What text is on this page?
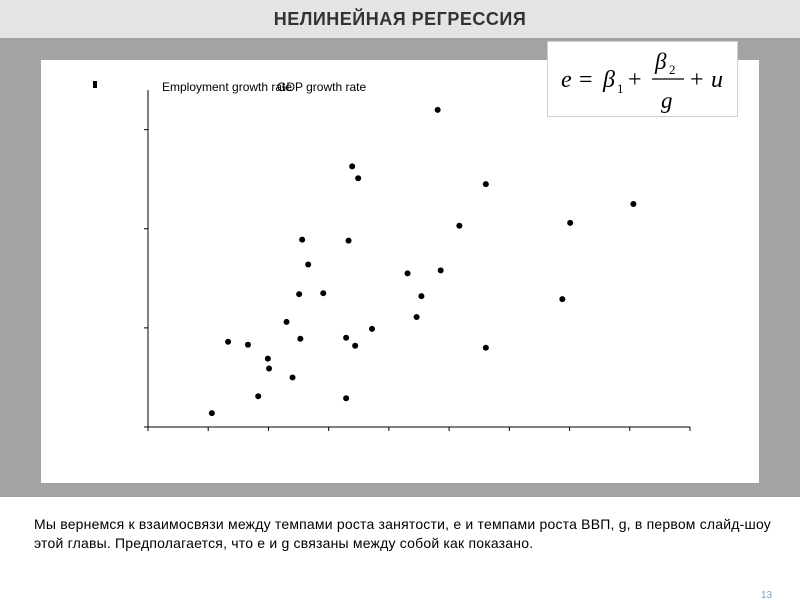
НЕЛИНЕЙНАЯ РЕГРЕССИЯ
Employment growth rate
GDP growth rate	e = β 1 +
β 2
g
+ u
Мы вернемся к взаимосвязи между темпами роста занятости, e и темпами роста ВВП, g, в первом слайд-шоу этой главы. Предполагается, что e и g связаны между собой как показано.
13
